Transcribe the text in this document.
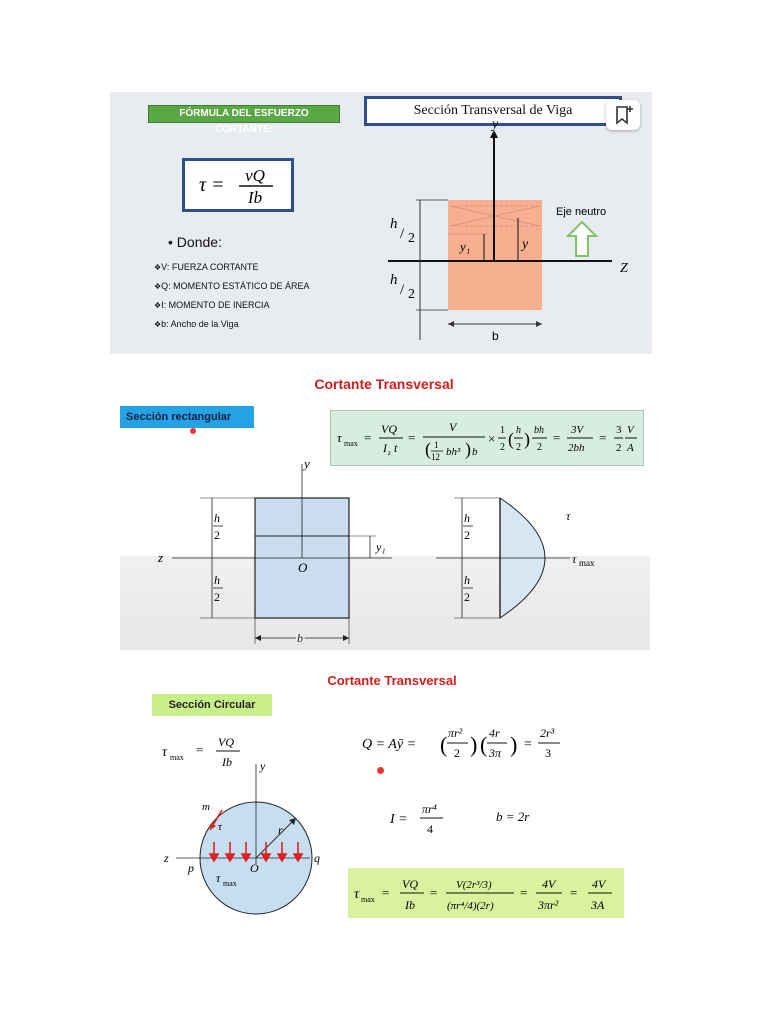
FÓRMULA DEL ESFUERZO CORTANTE:
Sección Transversal de Viga
τ = vQ
Ib
• Donde:
❖ V: FUERZA CORTANTE
❖ Q: MOMENTO ESTÁTICO DE ÁREA
❖ I: MOMENTO DE INERCIA
❖ b: Ancho de la Viga
y
Z
h
/ 2
h
/ 2
y₁	y
Eje neutro
b
Cortante Transversal
Sección rectangular
τ max =
VQ
I z t
=
V
( 1
12 bh³ ) b
×
1
2 ( h
2 ) bh
2
= 3V
2bh
= 3
2
V
A
y
z
O
h
2
h
2
y₁
b
h
2
h
2
τ
τ max
Cortante Transversal
Sección Circular
τ max
= VQ
Ib
Q = Aȳ = ( πr²
2 ) ( 4r
3π ) =
2r³
3
I =
πr⁴
4
b = 2r
τ max =
VQ
Ib
= V(2r³/3)
(πr⁴/4)(2r)
=
4V
3πr²
=
4V
3A
y
z	q
p	O
r
m
τ
τ max
